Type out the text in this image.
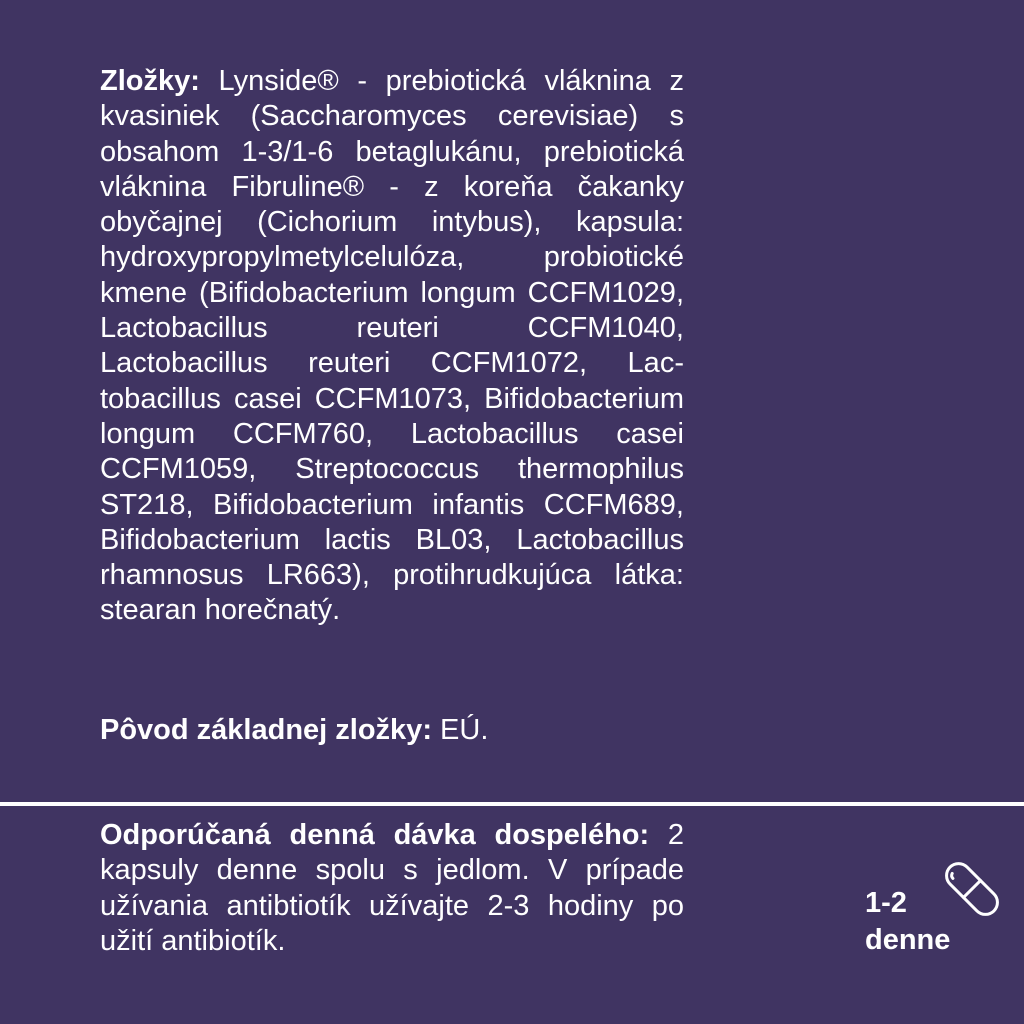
Zložky: Lynside® - prebiotická vláknina z kvasiniek (Saccharomyces cerevisiae) s obsahom 1-3/1-6 betaglukánu, prebiotická vláknina Fibruline® - z koreňa čakanky obyčajnej (Cichorium intybus), kapsula: hydroxypropylmetylcelulóza, probiotické kmene (Bifidobacterium longum CCFM1029, Lactobacillus reuteri CCFM1040, Lactobacillus reuteri CCFM1072, Lactobacillus casei CCFM1073, Bifidobacterium longum CCFM760, Lactobacillus casei CCFM1059, Streptococcus thermophilus ST218, Bifidobacterium infantis CCFM689, Bifidobacterium lactis BL03, Lactobacillus rhamnosus LR663), protihrudkujúca látka: stearan horečnatý.

Pôvod základnej zložky: EÚ.
Odporúčaná denná dávka dospelého: 2 kapsuly denne spolu s jedlom. V prípade užívania antibtiotík užívajte 2-3 hodiny po užití antibiotík.
1-2
denne
